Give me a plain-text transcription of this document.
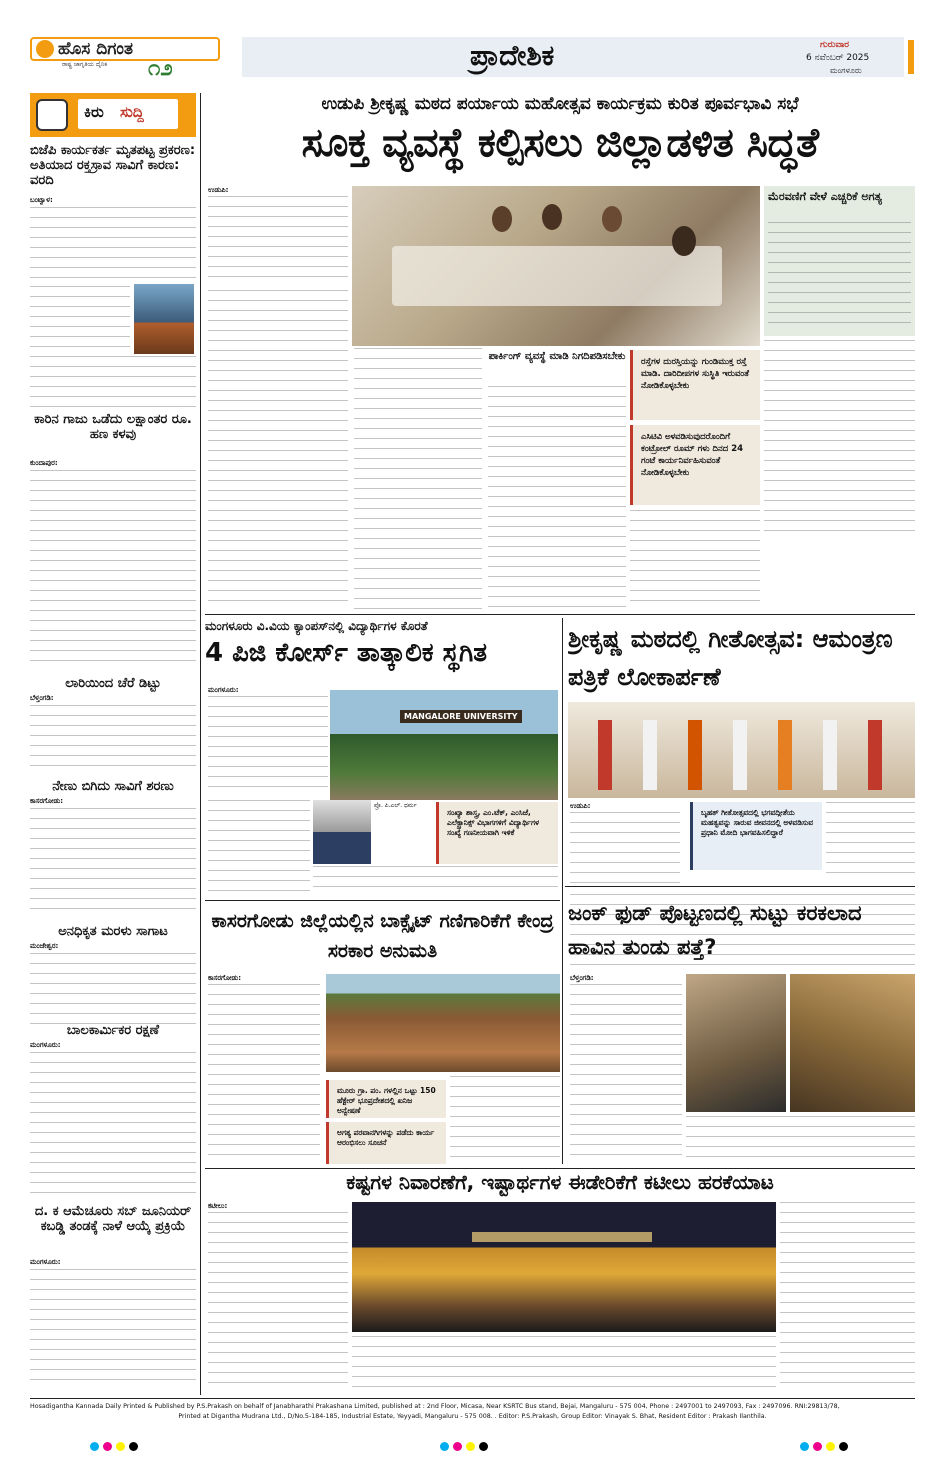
ಹೊಸ ದಿಗಂತ
ರಾಷ್ಟ್ರ ಜಾಗೃತಿಯ ದೈನಿಕ ೧೨	ಪ್ರಾದೇಶಿಕ	ಗುರುವಾರ
6 ನವೆಂಬರ್ 2025
ಮಂಗಳೂರು
ಕಿರು ಸುದ್ದಿ
ಬಿಜೆಪಿ ಕಾರ್ಯಕರ್ತ ಮೃತಪಟ್ಟ ಪ್ರಕರಣ: ಅತಿಯಾದ ರಕ್ತಸ್ರಾವ ಸಾವಿಗೆ ಕಾರಣ: ವರದಿ
ಬಂಟ್ವಾಳ:
ಕಾರಿನ ಗಾಜು ಒಡೆದು ಲಕ್ಷಾಂತರ ರೂ. ಹಣ ಕಳವು
ಕುಂದಾಪುರ:
ಲಾರಿಯಿಂದ ಚೆರೆ ಡಿಟ್ಟು
ಬೆಳ್ತಂಗಡಿ:
ನೇಣು ಬಿಗಿದು ಸಾವಿಗೆ ಶರಣು
ಕಾಸರಗೋಡು:
ಅನಧಿಕೃತ ಮರಳು ಸಾಗಾಟ
ಮಂಜೇಶ್ವರ:
ಬಾಲಕಾರ್ಮಿಕರ ರಕ್ಷಣೆ
ಮಂಗಳೂರು:
ದ. ಕ ಆಮೆಚೂರು ಸಬ್ ಜೂನಿಯರ್ ಕಬಡ್ಡಿ ತಂಡಕ್ಕೆ ನಾಳೆ ಆಯ್ಕೆ ಪ್ರಕ್ರಿಯೆ
ಮಂಗಳೂರು:
ಉಡುಪಿ ಶ್ರೀಕೃಷ್ಣ ಮಠದ ಪರ್ಯಾಯ ಮಹೋತ್ಸವ ಕಾರ್ಯಕ್ರಮ ಕುರಿತ ಪೂರ್ವಭಾವಿ ಸಭೆ
ಸೂಕ್ತ ವ್ಯವಸ್ಥೆ ಕಲ್ಪಿಸಲು ಜಿಲ್ಲಾಡಳಿತ ಸಿದ್ಧತೆ
ಉಡುಪಿ:	ಮೆರವಣಿಗೆ ವೇಳೆ ಎಚ್ಚರಿಕೆ ಅಗತ್ಯ
ಪಾರ್ಕಿಂಗ್ ವ್ಯವಸ್ಥೆ ಮಾಡಿ ನಿಗದಿಪಡಿಸಬೇಕು	ರಸ್ತೆಗಳ ದುರಸ್ತಿಯನ್ನು ಗುಂಡಿಮುಕ್ತ ರಸ್ತೆ ಮಾಡಿ. ದಾರಿದೀಪಗಳ ಸುಸ್ಥಿತಿ ಇರುವಂತೆ ನೋಡಿಕೊಳ್ಳಬೇಕು
ಎಸಿಟಿವಿ ಅಳವಡಿಸುವುದರೊಂದಿಗೆ ಕಂಟ್ರೋಲ್ ರೂಮ್ ಗಳು ದಿನದ 24 ಗಂಟೆ ಕಾರ್ಯನಿರ್ವಹಿಸುವಂತೆ ನೋಡಿಕೊಳ್ಳಬೇಕು
ಮಂಗಳೂರು ವಿ.ವಿಯ ಕ್ಯಾಂಪಸ್‌ನಲ್ಲಿ ವಿದ್ಯಾರ್ಥಿಗಳ ಕೊರತೆ
4 ಪಿಜಿ ಕೋರ್ಸ್ ತಾತ್ಕಾಲಿಕ ಸ್ಥಗಿತ
ಮಂಗಳೂರು:
MANGALORE UNIVERSITY
ಪ್ರೊ. ಪಿ.ಎಲ್. ಧರ್ಮ
ಸಂಖ್ಯಾ ಶಾಸ್ತ್ರ, ಎಂ.ಟೆಕ್, ಎಂಸಿಜೆ, ಎಲೆಕ್ಟ್ರಾನಿಕ್ಸ್ ವಿಭಾಗಗಳಿಗೆ ವಿದ್ಯಾರ್ಥಿಗಳ ಸಂಖ್ಯೆ ಗಣನೀಯವಾಗಿ ಇಳಿಕೆ
ಶ್ರೀಕೃಷ್ಣ ಮಠದಲ್ಲಿ ಗೀತೋತ್ಸವ: ಆಮಂತ್ರಣ ಪತ್ರಿಕೆ ಲೋಕಾರ್ಪಣೆ
ಉಡುಪಿ:
ಬೃಹತ್ ಗೀತೋತ್ಸವದಲ್ಲಿ ಭಗವದ್ಗೀತೆಯ ಮಹತ್ವವನ್ನು ಸಾರುವ ಜೀವನದಲ್ಲಿ ಅಳವಡಿಸುವ ಪ್ರಧಾನಿ ಮೋದಿ ಭಾಗವಹಿಸಲಿದ್ದಾರೆ
ಕಾಸರಗೋಡು ಜಿಲ್ಲೆಯಲ್ಲಿನ ಬಾಕ್ಸೈಟ್ ಗಣಿಗಾರಿಕೆಗೆ ಕೇಂದ್ರ ಸರಕಾರ ಅನುಮತಿ
ಕಾಸರಗೋಡು:
ಮೂರು ಗ್ರಾ. ಪಂ. ಗಳಲ್ಲಿನ ಒಟ್ಟು 150 ಹೆಕ್ಟೇರ್ ಭೂಪ್ರದೇಶದಲ್ಲಿ ಖನಿಜ ಅನ್ವೇಷಣೆ
ಅಗತ್ಯ ಪರವಾನಗಿಗಳನ್ನು ಪಡೆದು ಕಾರ್ಯ ಆರಂಭಿಸಲು ಸೂಚನೆ
ಜಂಕ್ ಫುಡ್ ಪೊಟ್ಟಣದಲ್ಲಿ ಸುಟ್ಟು ಕರಕಲಾದ ಹಾವಿನ ತುಂಡು ಪತ್ತೆ?
ಬೆಳ್ತಂಗಡಿ:
ಕಷ್ಟಗಳ ನಿವಾರಣೆಗೆ, ಇಷ್ಟಾರ್ಥಗಳ ಈಡೇರಿಕೆಗೆ ಕಟೀಲು ಹರಕೆಯಾಟ
ಕಟೀಲು:
Hosadigantha Kannada Daily Printed & Published by P.S.Prakash on behalf of Janabharathi Prakashana Limited, published at : 2nd Floor, Micasa, Near KSRTC Bus stand, Bejai, Mangaluru - 575 004, Phone : 2497001 to 2497093, Fax : 2497096. RNI:29813/78,
Printed at Digantha Mudrana Ltd., D/No.5-184-185, Industrial Estate, Yeyyadi, Mangaluru - 575 008. . Editor: P.S.Prakash, Group Editor: Vinayak S. Bhat, Resident Editor : Prakash Ilanthila.
